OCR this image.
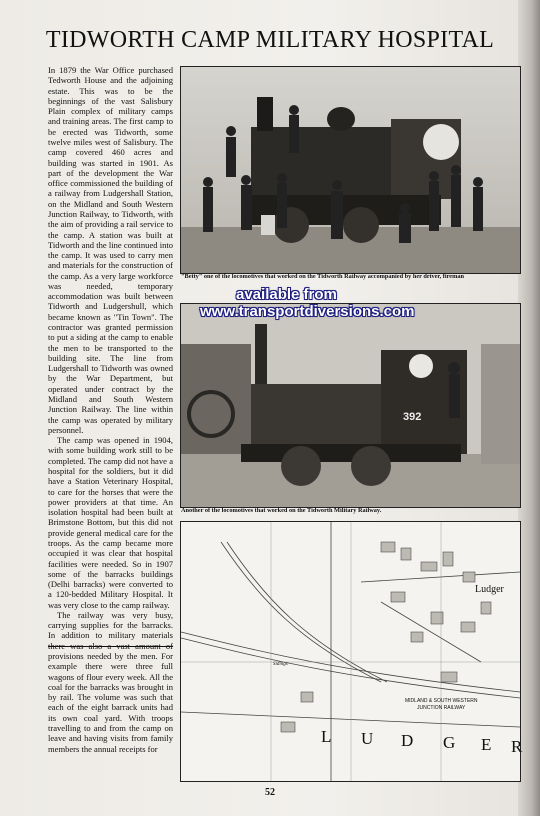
TIDWORTH CAMP MILITARY HOSPITAL

In 1879 the War Office purchased Tedworth House and the adjoining estate. This was to be the beginnings of the vast Salisbury Plain complex of military camps and training areas. The first camp to be erected was Tidworth, some twelve miles west of Salisbury. The camp covered 460 acres and building was started in 1901. As part of the development the War office commissioned the building of a railway from Ludgershall Station, on the Midland and South Western Junction Railway, to Tidworth, with the aim of providing a rail service to the camp. A station was built at Tidworth and the line continued into the camp. It was used to carry men and materials for the construction of the camp. As a very large workforce was needed, temporary accommodation was built between Tidworth and Ludgershull, which became known as "Tin Town". The contractor was granted permission to put a siding at the camp to enable the men to be transported to the building site. The line from Ludgershall to Tidworth was owned by the War Department, but operated under contract by the Midland and South Western Junction Railway. The line within the camp was operated by military personnel.

The camp was opened in 1904, with some building work still to be completed. The camp did not have a hospital for the soldiers, but it did have a Station Veterinary Hospital, to care for the horses that were the power providers at that time. An isolation hospital had been built at Brimstone Bottom, but this did not provide general medical care for the troops. As the camp became more occupied it was clear that hospital facilities were needed. So in 1907 some of the barracks buildings (Delhi barracks) were converted to a 120-bedded Military Hospital. It was very close to the camp railway.

The railway was very busy, carrying supplies for the barracks. In addition to military materials there was also a vast amount of provisions needed by the men. For example there were three full wagons of flour every week. All the coal for the barracks was brought in by rail. The volume was such that each of the eight barrack units had its own coal yard. With troops travelling to and from the camp on leave and having visits from family members the annual receipts for

"Betty" one of the locomotives that worked on the Tidworth Railway accompanied by her driver, fireman
392
Another of the locomotives that worked on the Tidworth Military Railway.
Ludger
Sidings
MIDLAND & SOUTH WESTERN
JUNCTION RAILWAY
L U D G E R
available from
www.transportdiversions.com
52
